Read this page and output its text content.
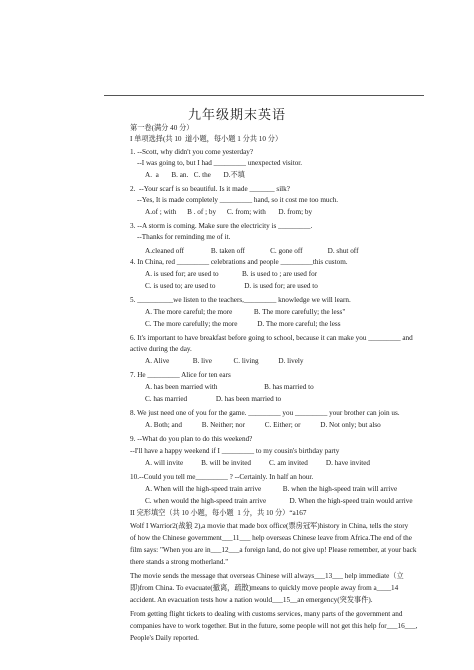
九年级期末英语
第一卷(满分 40 分）
I 单项选择(共 10  道小题，每小题 1 分共 10 分）
1. --Scott, why didn't you come yesterday?
--I was going to, but I had _________ unexpected visitor.
A.  a       B. an.   C. the       D.不填
2.  --Your scarf is so beautiful. Is it made _______ silk?
--Yes, It is made completely _________ hand, so it cost me too much.
A.of ; with      B . of ; by      C. from; with       D. from; by
3. --A storm is coming. Make sure the electricity is _________.
--Thanks for reminding me of it.
A.cleaned off               B. taken off              C. gone off              D. shut off
4. In China, red _________ celebrations and people _________this custom.
A. is used for; are used to             B. is used to ; are used for
C. is used to; are used to                D. is used for; are used to
5. __________we listen to the teachers,_________ knowledge we will learn.
A. The more careful; the more            B. The more carefully; the less"
C. The more carefully; the more           D. The more careful; the less
6. It's important to have breakfast before going to school, because it can make you _________ and
active during the day.
A. Alive             B. live            C. living           D. lively
7. He _________ Alice for ten ears
A. has been married with                          B. has married to
C. has married                D. has been married to
8. We just need one of you for the game. _________ you _________ your brother can join us.
A. Both; and           B. Neither; nor           C. Either; or           D. Not only; but also
9. --What do you plan to do this weekend?
--I'll have a happy weekend if I _________ to my cousin's birthday party
A. will invite          B. will be invited          C. am invited          D. have invited
10.--Could you tell me_________ ? --Certainly. In half an hour.
A. When will the high-speed train arrive            B. when the high-speed train will arrive
C. when would the high-speed train arrive             D. When the high-speed train would arrive
II 完形填空（共 10 小题，每小题  1 分，共 10 分）“a167
Wolf I Warrior2(战狼 2),a movie that made box office(票房冠军)history in China, tells the story
of how the Chinese government___11___ help overseas Chinese leave from Africa.The end of the
film says: "When you are in___12___a foreign land, do not give up! Please remember, at your back
there stands a strong motherland."
The movie sends the message that overseas Chinese will always___13___ help immediate（立
即)from China. To evacuate(撤离，疏散)means to quickly move people away from a____14
accident. An evacuation tests how a nation would___15__an emergency(突发事件).
From getting flight tickets to dealing with customs services, many parts of the government and
companies have to work together. But in the future, some people will not get this help for___16___,
People's Daily reported.
